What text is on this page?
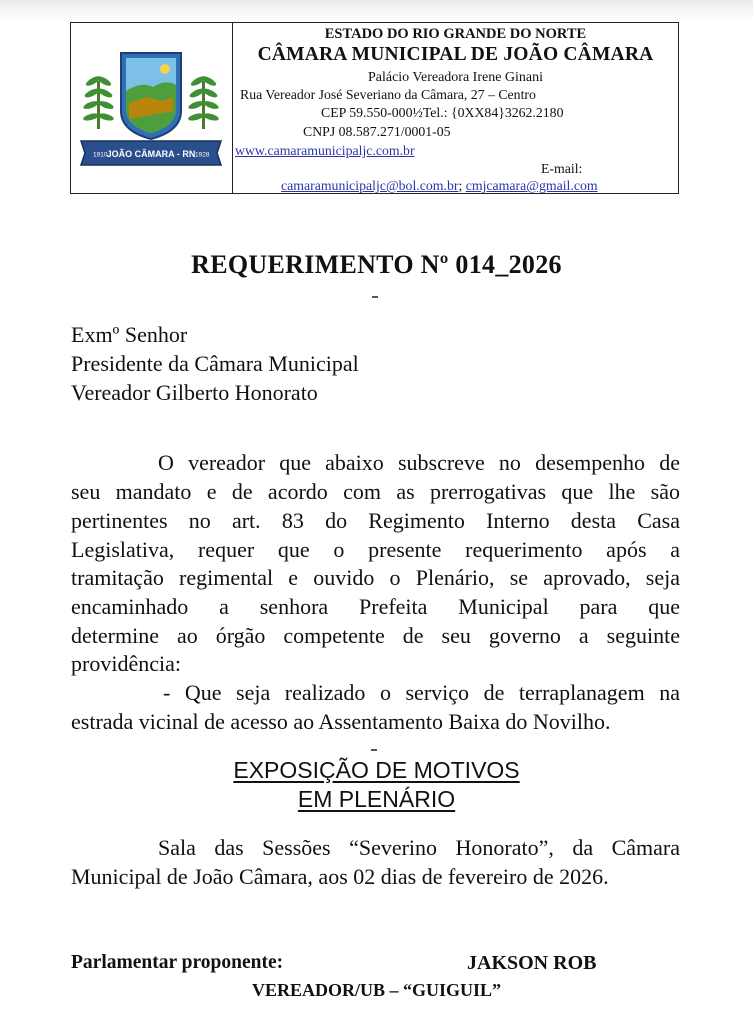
1910 JOÃO CÂMARA - RN 1928
ESTADO DO RIO GRANDE DO NORTE
CÂMARA MUNICIPAL DE JOÃO CÂMARA
Palácio Vereadora Irene Ginani
Rua Vereador José Severiano da Câmara, 27 – Centro
CEP 59.550-000½Tel.: {0XX84}3262.2180
CNPJ 08.587.271/0001-05
www.camaramunicipaljc.com.br
E-mail:
camaramunicipaljc@bol.com.br; cmjcamara@gmail.com
REQUERIMENTO Nº 014_2026
Exmº Senhor
Presidente da Câmara Municipal
Vereador Gilberto Honorato
O vereador que abaixo subscreve no desempenho de
seu mandato e de acordo com as prerrogativas que lhe são
pertinentes no art. 83 do Regimento Interno desta Casa
Legislativa, requer que o presente requerimento após a
tramitação regimental e ouvido o Plenário, se aprovado, seja
encaminhado a senhora Prefeita Municipal para que
determine ao órgão competente de seu governo a seguinte
providência:
- Que seja realizado o serviço de terraplanagem na
estrada vicinal de acesso ao Assentamento Baixa do Novilho.
EXPOSIÇÃO DE MOTIVOS
EM PLENÁRIO
Sala das Sessões “Severino Honorato”, da Câmara
Municipal de João Câmara, aos 02 dias de fevereiro de 2026.
Parlamentar proponente:	JAKSON ROB
VEREADOR/UB – “GUIGUIL”
